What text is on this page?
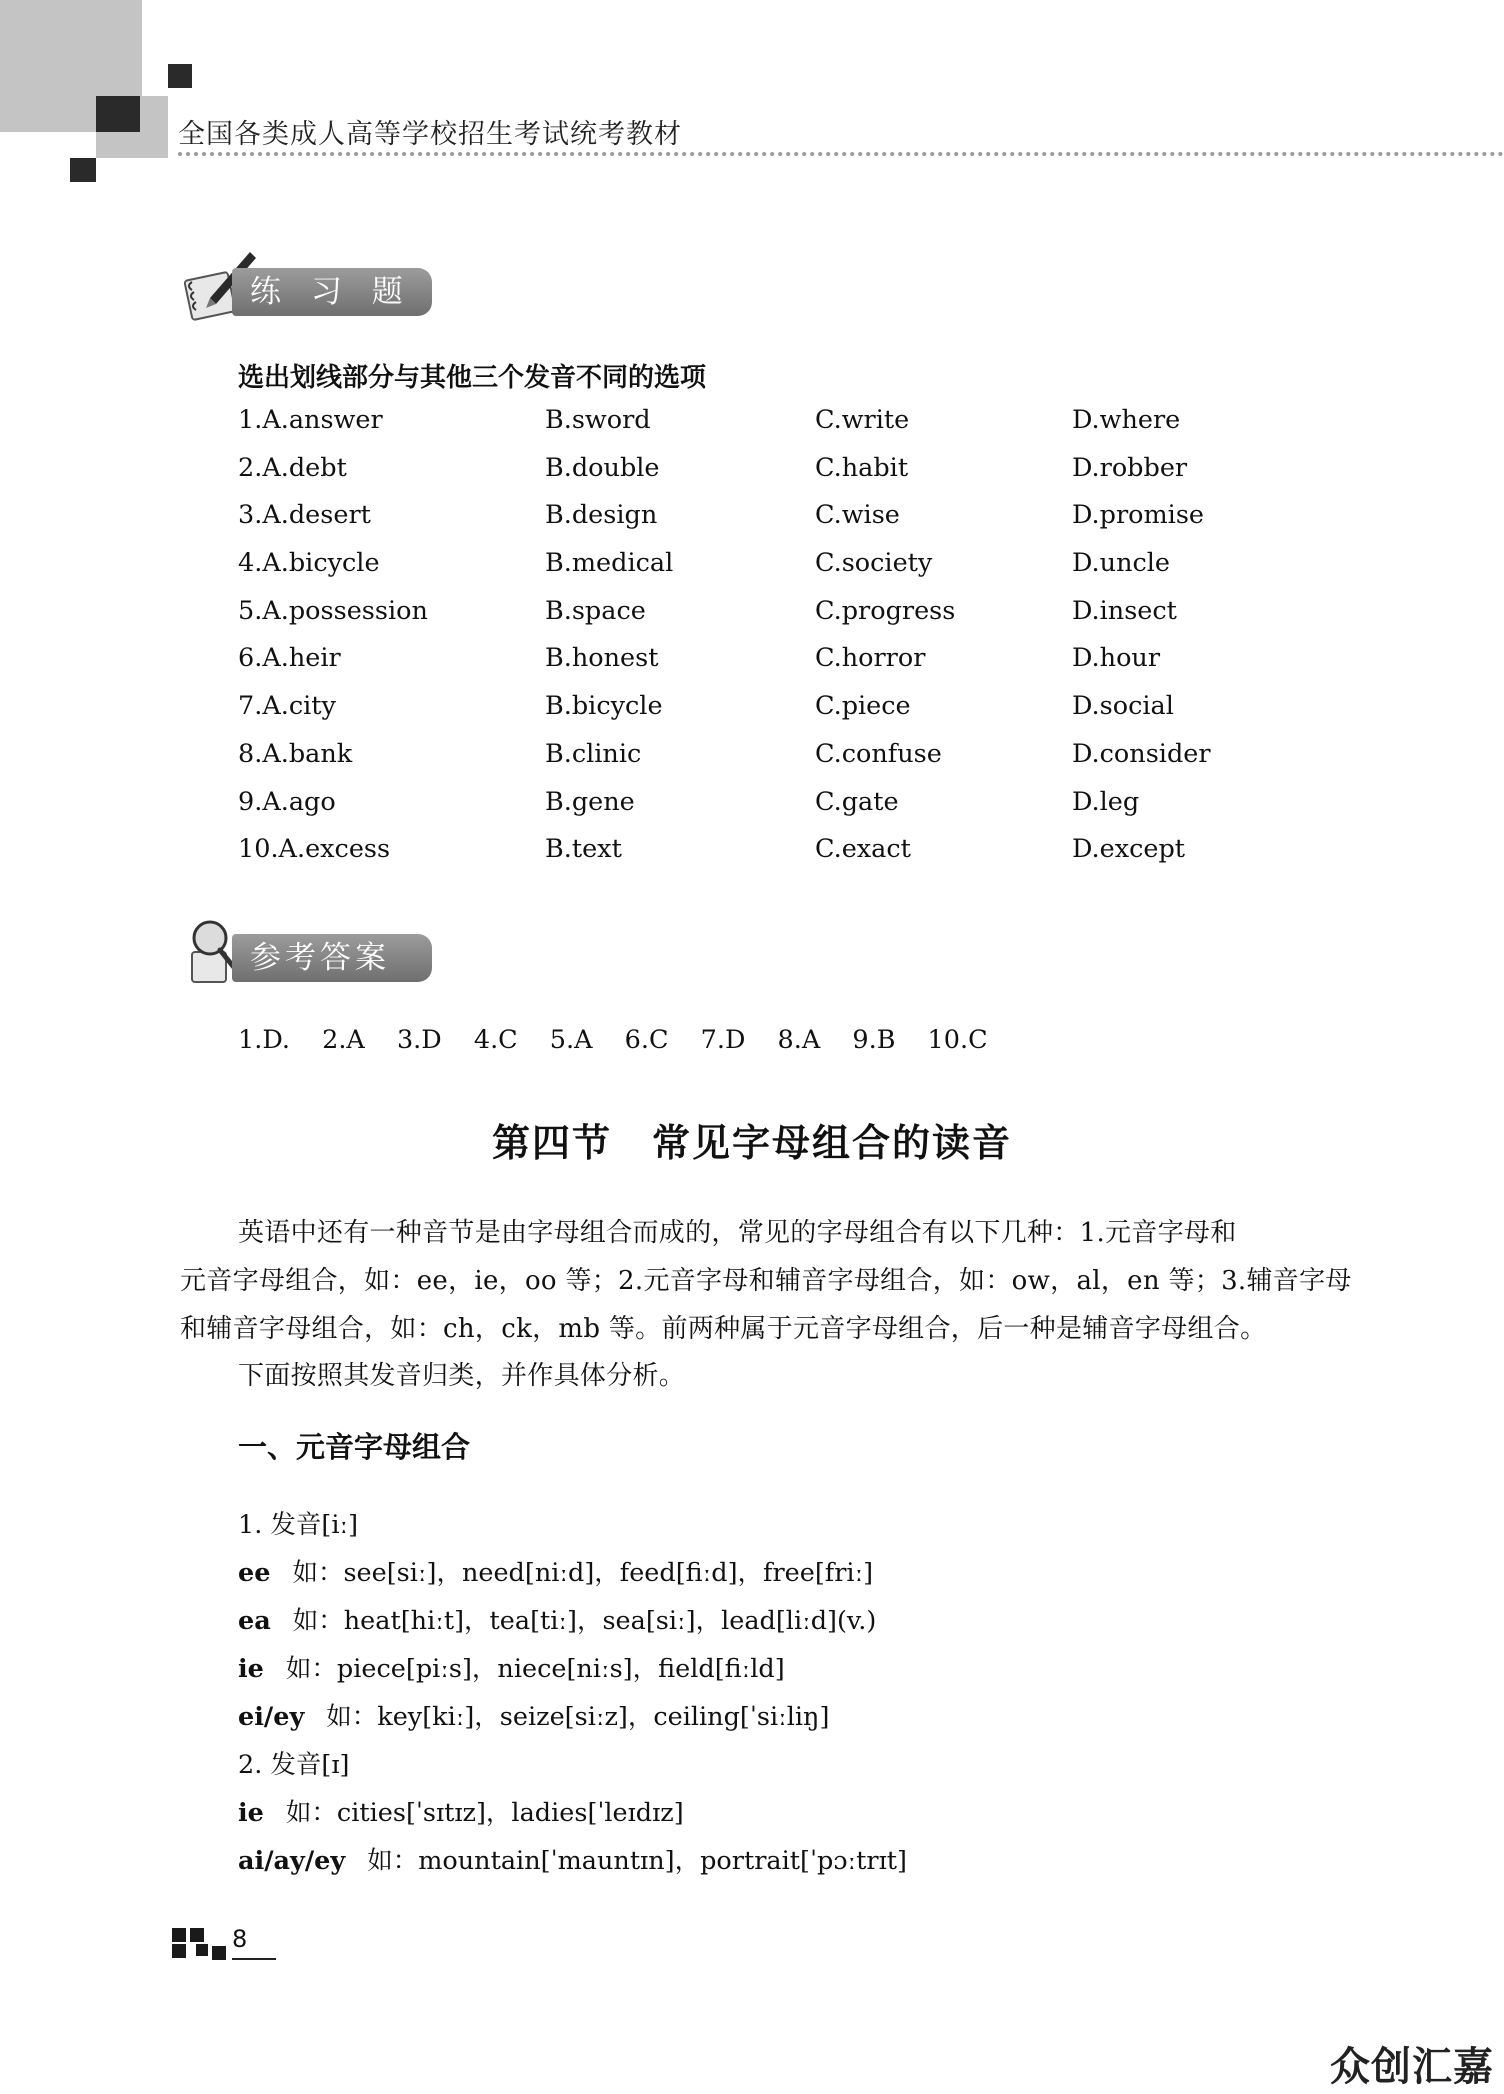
全国各类成人高等学校招生考试统考教材
练 习 题
选出划线部分与其他三个发音不同的选项
1.A.answer	B.sword	C.write	D.where
2.A.debt	B.double	C.habit	D.robber
3.A.desert	B.design	C.wise	D.promise
4.A.bicycle	B.medical	C.society	D.uncle
5.A.possession	B.space	C.progress	D.insect
6.A.heir	B.honest	C.horror	D.hour
7.A.city	B.bicycle	C.piece	D.social
8.A.bank	B.clinic	C.confuse	D.consider
9.A.ago	B.gene	C.gate	D.leg
10.A.excess	B.text	C.exact	D.except
参考答案
1.D. 2.A 3.D 4.C 5.A 6.C 7.D 8.A 9.B 10.C
第四节　常见字母组合的读音
英语中还有一种音节是由字母组合而成的，常见的字母组合有以下几种：1.元音字母和
元音字母组合，如：ee，ie，oo 等；2.元音字母和辅音字母组合，如：ow，al，en 等；3.辅音字母
和辅音字母组合，如：ch，ck，mb 等。前两种属于元音字母组合，后一种是辅音字母组合。
下面按照其发音归类，并作具体分析。
一、元音字母组合
1. 发音[iː]
ee 如：see[siː]，need[niːd]，feed[fiːd]，free[friː]
ea 如：heat[hiːt]，tea[tiː]，sea[siː]，lead[liːd](v.)
ie 如：piece[piːs]，niece[niːs]，field[fiːld]
ei/ey 如：key[kiː]，seize[siːz]，ceiling[ˈsiːliŋ]
2. 发音[ɪ]
ie 如：cities[ˈsɪtɪz]，ladies[ˈleɪdɪz]
ai/ay/ey 如：mountain[ˈmauntɪn]，portrait[ˈpɔːtrɪt]
8
众创汇嘉
